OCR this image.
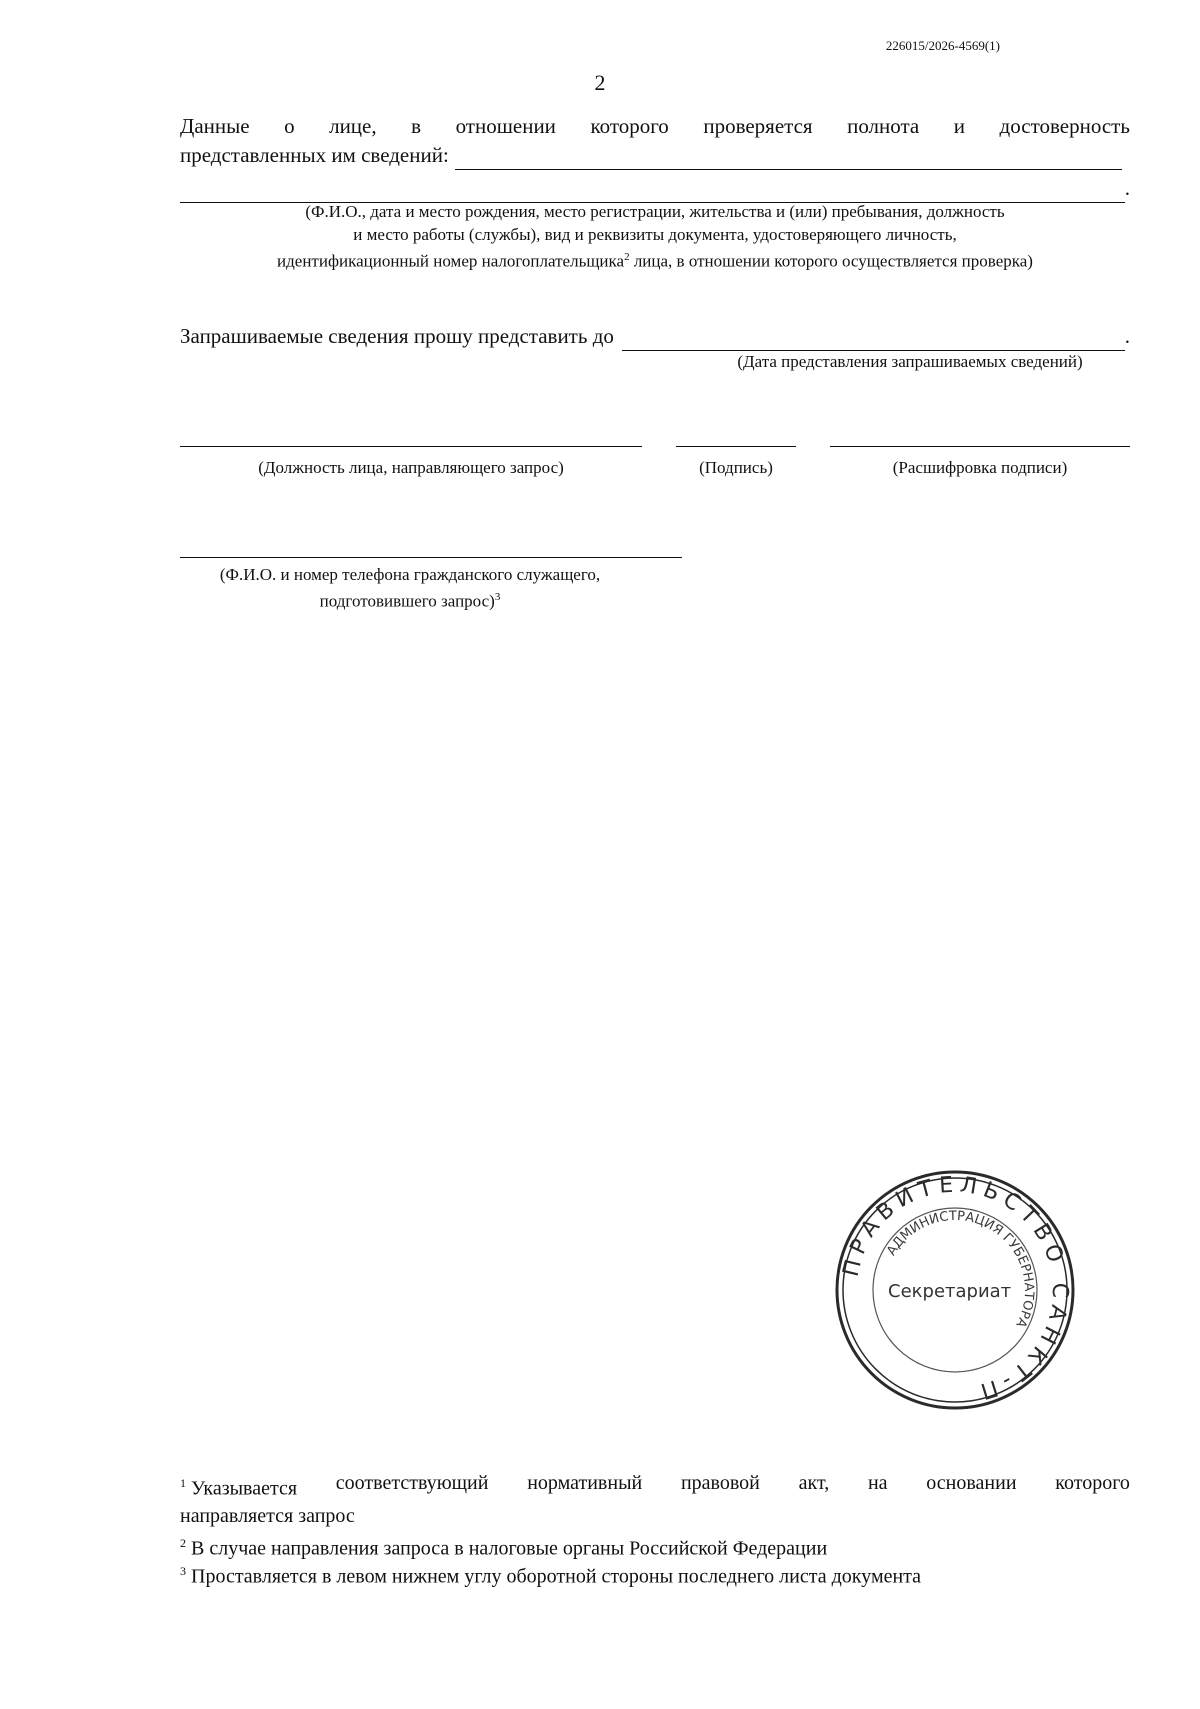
226015/2026-4569(1)
2
Данные о лице, в отношении которого проверяется полнота и достоверность
представленных им сведений:
.
(Ф.И.О., дата и место рождения, место регистрации, жительства и (или) пребывания, должность
и место работы (службы), вид и реквизиты документа, удостоверяющего личность,
идентификационный номер налогоплательщика$^2$ лица, в отношении которого осуществляется проверка)
Запрашиваемые сведения прошу представить до	.
(Дата представления запрашиваемых сведений)
(Должность лица, направляющего запрос)	(Подпись)	(Расшифровка подписи)
(Ф.И.О. и номер телефона гражданского служащего,
подготовившего запрос)$^3$
ПРАВИТЕЛЬСТВО САНКТ-П
АДМИНИСТРАЦИЯ ГУБЕРНАТОРА
Секретариат
$^1$ Указывается соответствующий нормативный правовой акт, на основании которого
направляется запрос
$^2$ В случае направления запроса в налоговые органы Российской Федерации
$^3$ Проставляется в левом нижнем углу оборотной стороны последнего листа документа
